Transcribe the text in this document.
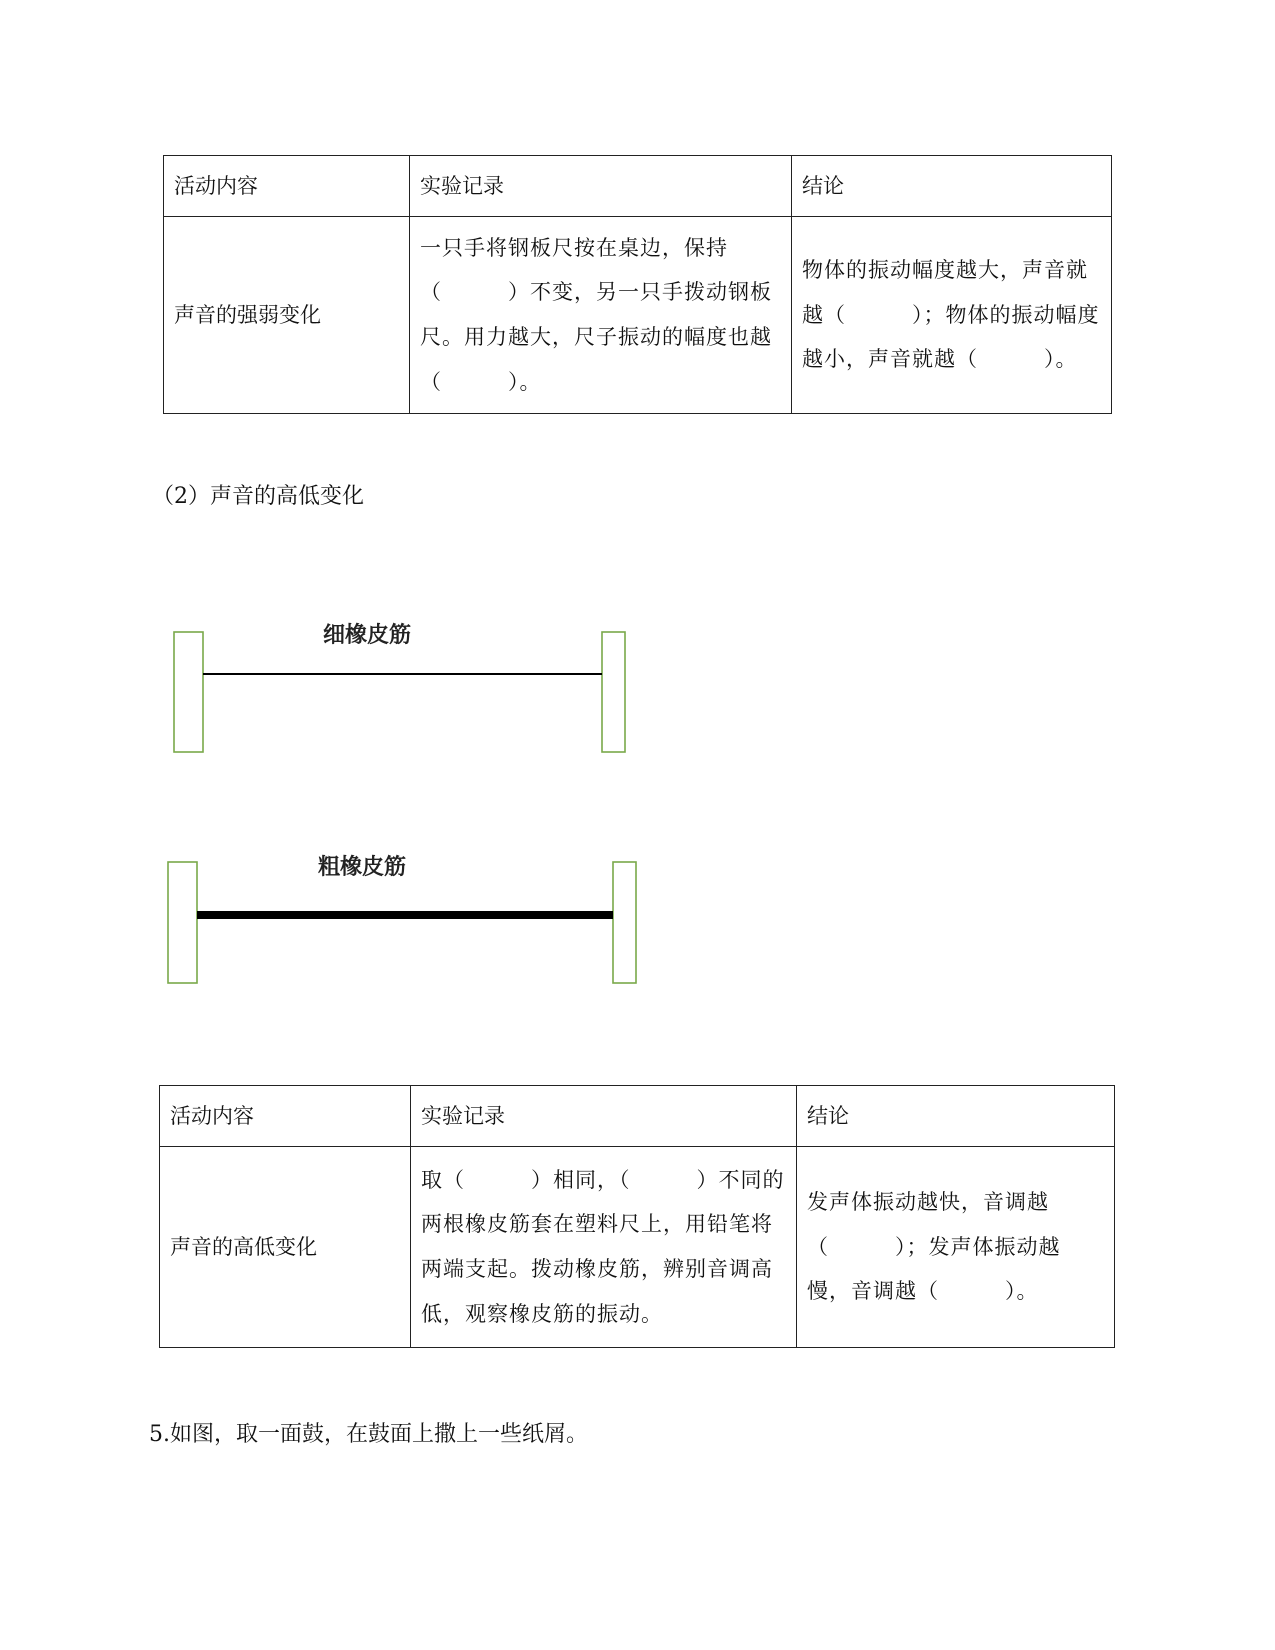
活动内容	实验记录	结论
声音的强弱变化	一只手将钢板尺按在桌边，保持（　　　）不变，另一只手拨动钢板尺。用力越大，尺子振动的幅度也越（　　　）。	物体的振动幅度越大，声音就越（　　　）；物体的振动幅度越小，声音就越（　　　）。
（2）声音的高低变化
细橡皮筋
粗橡皮筋
活动内容	实验记录	结论
声音的高低变化	取（　　　）相同，（　　　）不同的两根橡皮筋套在塑料尺上，用铅笔将两端支起。拨动橡皮筋，辨别音调高低，观察橡皮筋的振动。	发声体振动越快，音调越（　　　）；发声体振动越慢，音调越（　　　）。
5.如图，取一面鼓，在鼓面上撒上一些纸屑。
